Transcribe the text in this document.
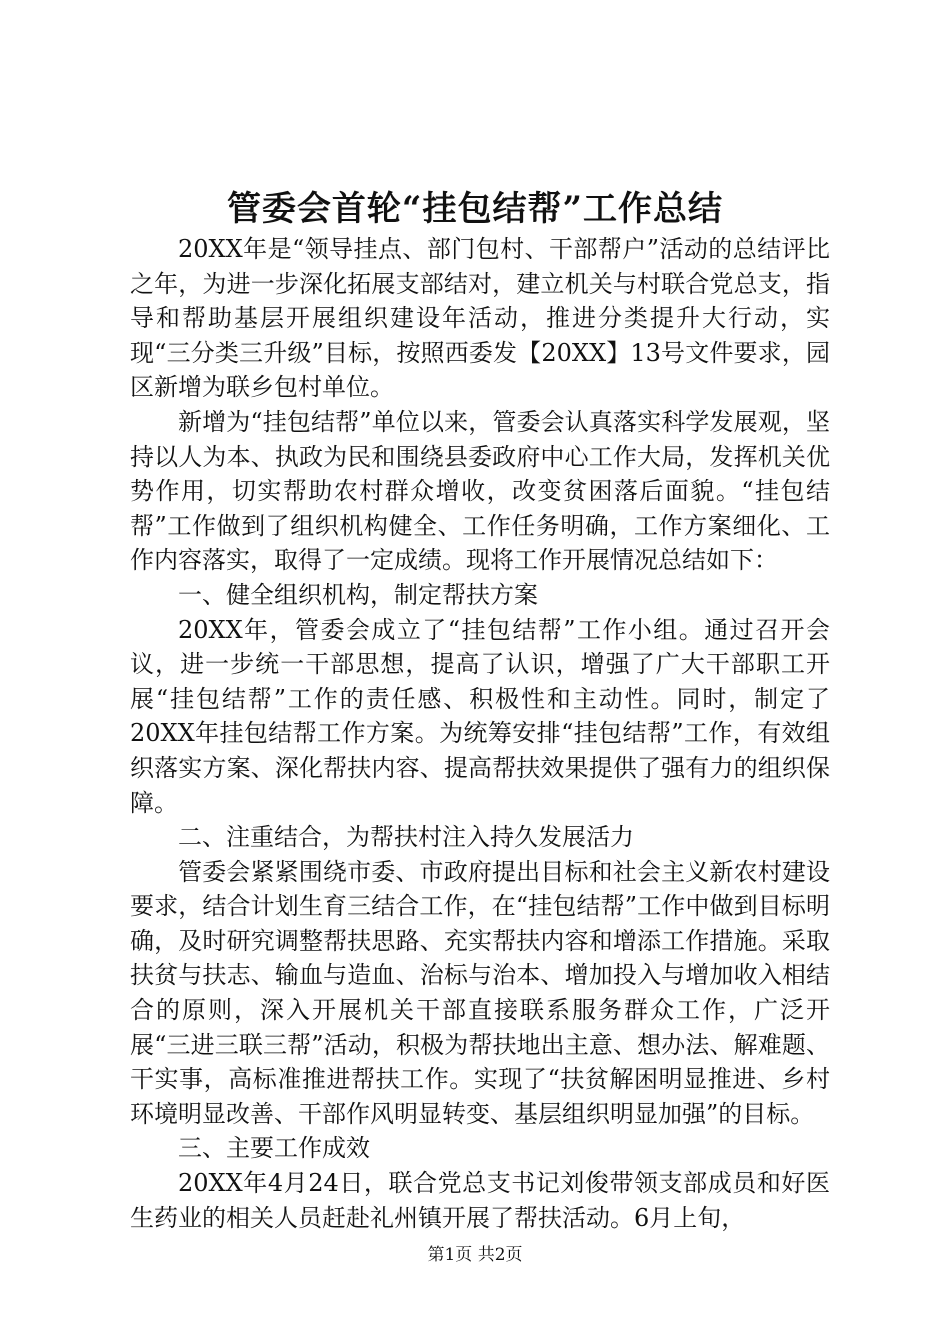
管委会首轮“挂包结帮”工作总结

20XX年是“领导挂点、部门包村、干部帮户”活动的总结评比之年，为进一步深化拓展支部结对，建立机关与村联合党总支，指导和帮助基层开展组织建设年活动，推进分类提升大行动，实现“三分类三升级”目标，按照西委发【20XX】13号文件要求，园区新增为联乡包村单位。

新增为“挂包结帮”单位以来，管委会认真落实科学发展观，坚持以人为本、执政为民和围绕县委政府中心工作大局，发挥机关优势作用，切实帮助农村群众增收，改变贫困落后面貌。“挂包结帮”工作做到了组织机构健全、工作任务明确，工作方案细化、工作内容落实，取得了一定成绩。现将工作开展情况总结如下：

一、健全组织机构，制定帮扶方案

20XX年，管委会成立了“挂包结帮”工作小组。通过召开会议，进一步统一干部思想，提高了认识，增强了广大干部职工开展“挂包结帮”工作的责任感、积极性和主动性。同时，制定了20XX年挂包结帮工作方案。为统筹安排“挂包结帮”工作，有效组织落实方案、深化帮扶内容、提高帮扶效果提供了强有力的组织保障。

二、注重结合，为帮扶村注入持久发展活力

管委会紧紧围绕市委、市政府提出目标和社会主义新农村建设要求，结合计划生育三结合工作，在“挂包结帮”工作中做到目标明确，及时研究调整帮扶思路、充实帮扶内容和增添工作措施。采取扶贫与扶志、输血与造血、治标与治本、增加投入与增加收入相结合的原则，深入开展机关干部直接联系服务群众工作，广泛开展“三进三联三帮”活动，积极为帮扶地出主意、想办法、解难题、干实事，高标准推进帮扶工作。实现了“扶贫解困明显推进、乡村环境明显改善、干部作风明显转变、基层组织明显加强”的目标。

三、主要工作成效

20XX年4月24日，联合党总支书记刘俊带领支部成员和好医生药业的相关人员赶赴礼州镇开展了帮扶活动。6月上旬，

第1页 共2页
